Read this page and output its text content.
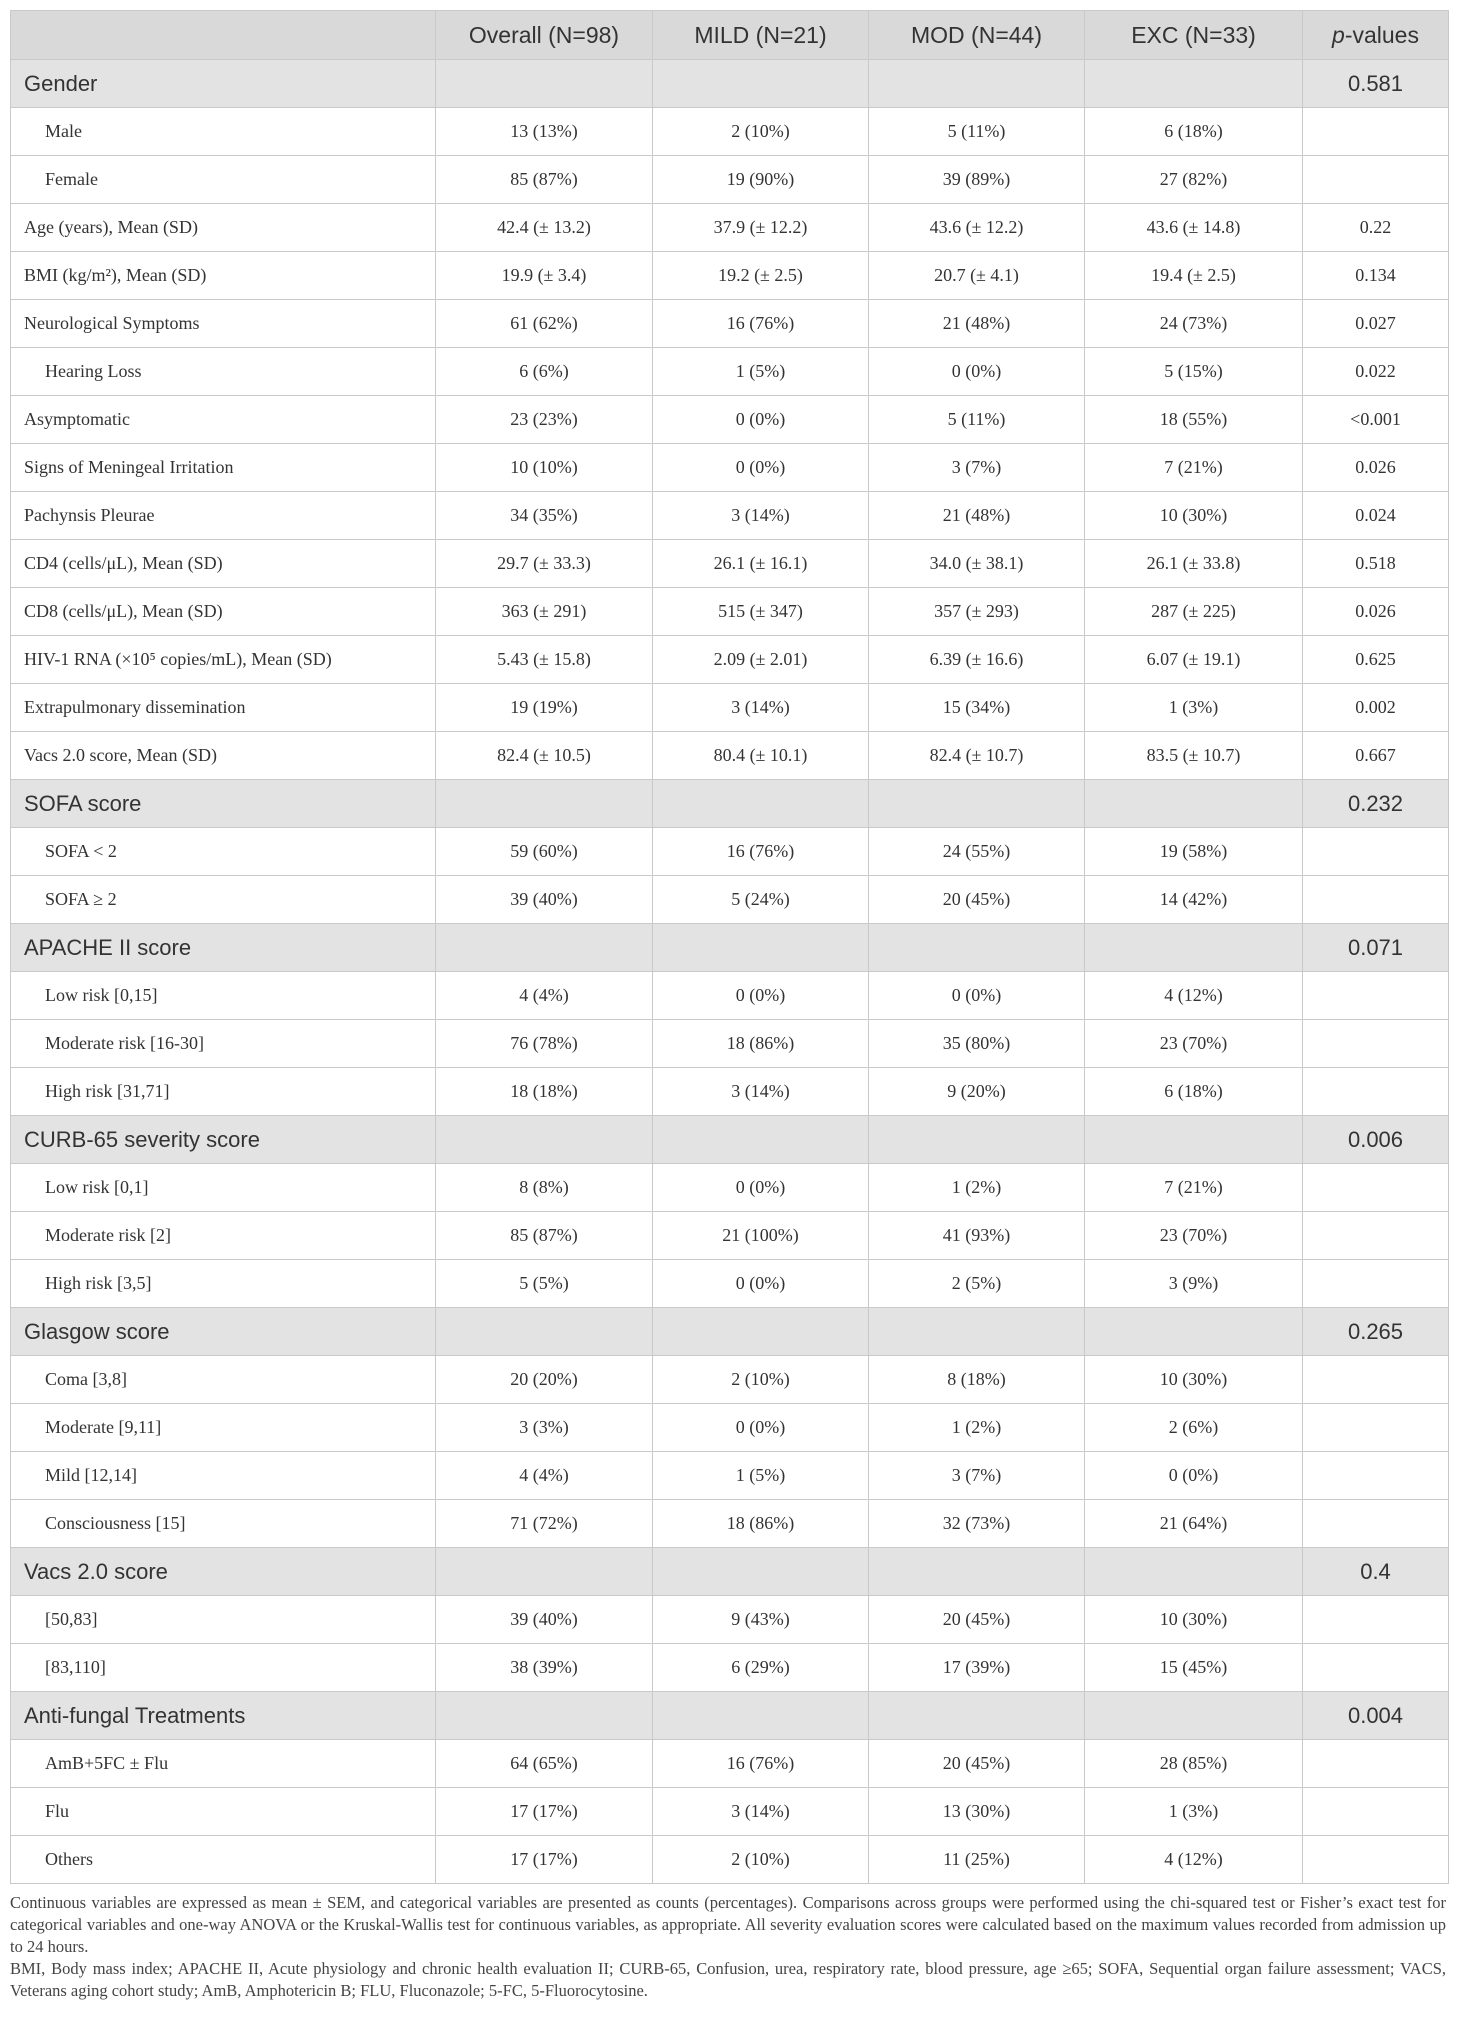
	Overall (N=98)	MILD (N=21)	MOD (N=44)	EXC (N=33)	p-values
Gender					0.581
Male	13 (13%)	2 (10%)	5 (11%)	6 (18%)	
Female	85 (87%)	19 (90%)	39 (89%)	27 (82%)	
Age (years), Mean (SD)	42.4 (± 13.2)	37.9 (± 12.2)	43.6 (± 12.2)	43.6 (± 14.8)	0.22
BMI (kg/m²), Mean (SD)	19.9 (± 3.4)	19.2 (± 2.5)	20.7 (± 4.1)	19.4 (± 2.5)	0.134
Neurological Symptoms	61 (62%)	16 (76%)	21 (48%)	24 (73%)	0.027
Hearing Loss	6 (6%)	1 (5%)	0 (0%)	5 (15%)	0.022
Asymptomatic	23 (23%)	0 (0%)	5 (11%)	18 (55%)	<0.001
Signs of Meningeal Irritation	10 (10%)	0 (0%)	3 (7%)	7 (21%)	0.026
Pachynsis Pleurae	34 (35%)	3 (14%)	21 (48%)	10 (30%)	0.024
CD4 (cells/μL), Mean (SD)	29.7 (± 33.3)	26.1 (± 16.1)	34.0 (± 38.1)	26.1 (± 33.8)	0.518
CD8 (cells/μL), Mean (SD)	363 (± 291)	515 (± 347)	357 (± 293)	287 (± 225)	0.026
HIV-1 RNA (×10⁵ copies/mL), Mean (SD)	5.43 (± 15.8)	2.09 (± 2.01)	6.39 (± 16.6)	6.07 (± 19.1)	0.625
Extrapulmonary dissemination	19 (19%)	3 (14%)	15 (34%)	1 (3%)	0.002
Vacs 2.0 score, Mean (SD)	82.4 (± 10.5)	80.4 (± 10.1)	82.4 (± 10.7)	83.5 (± 10.7)	0.667
SOFA score					0.232
SOFA < 2	59 (60%)	16 (76%)	24 (55%)	19 (58%)	
SOFA ≥ 2	39 (40%)	5 (24%)	20 (45%)	14 (42%)	
APACHE II score					0.071
Low risk [0,15]	4 (4%)	0 (0%)	0 (0%)	4 (12%)	
Moderate risk [16-30]	76 (78%)	18 (86%)	35 (80%)	23 (70%)	
High risk [31,71]	18 (18%)	3 (14%)	9 (20%)	6 (18%)	
CURB-65 severity score					0.006
Low risk [0,1]	8 (8%)	0 (0%)	1 (2%)	7 (21%)	
Moderate risk [2]	85 (87%)	21 (100%)	41 (93%)	23 (70%)	
High risk [3,5]	5 (5%)	0 (0%)	2 (5%)	3 (9%)	
Glasgow score					0.265
Coma [3,8]	20 (20%)	2 (10%)	8 (18%)	10 (30%)	
Moderate [9,11]	3 (3%)	0 (0%)	1 (2%)	2 (6%)	
Mild [12,14]	4 (4%)	1 (5%)	3 (7%)	0 (0%)	
Consciousness [15]	71 (72%)	18 (86%)	32 (73%)	21 (64%)	
Vacs 2.0 score					0.4
[50,83]	39 (40%)	9 (43%)	20 (45%)	10 (30%)	
[83,110]	38 (39%)	6 (29%)	17 (39%)	15 (45%)	
Anti-fungal Treatments					0.004
AmB+5FC ± Flu	64 (65%)	16 (76%)	20 (45%)	28 (85%)	
Flu	17 (17%)	3 (14%)	13 (30%)	1 (3%)	
Others	17 (17%)	2 (10%)	11 (25%)	4 (12%)	

Continuous variables are expressed as mean ± SEM, and categorical variables are presented as counts (percentages). Comparisons across groups were performed using the chi-squared test or Fisher’s exact test for categorical variables and one-way ANOVA or the Kruskal-Wallis test for continuous variables, as appropriate. All severity evaluation scores were calculated based on the maximum values recorded from admission up to 24 hours.

BMI, Body mass index; APACHE II, Acute physiology and chronic health evaluation II; CURB-65, Confusion, urea, respiratory rate, blood pressure, age ≥65; SOFA, Sequential organ failure assessment; VACS, Veterans aging cohort study; AmB, Amphotericin B; FLU, Fluconazole; 5-FC, 5-Fluorocytosine.
